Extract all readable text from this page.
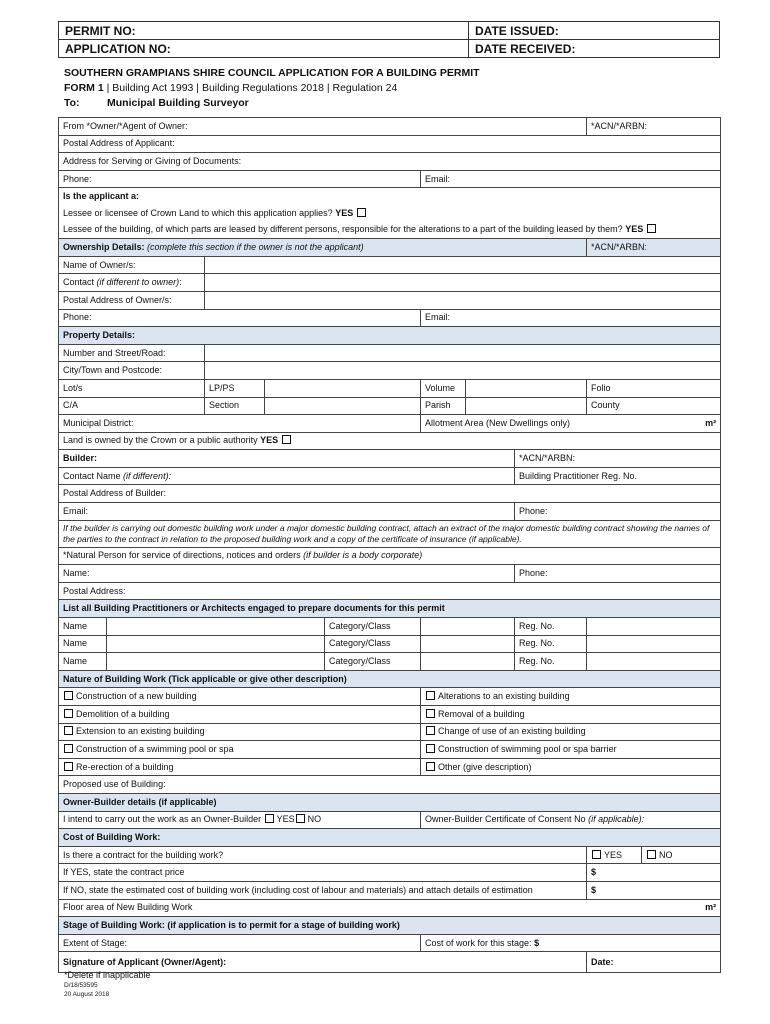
PERMIT NO:	DATE ISSUED:
APPLICATION NO:	DATE RECEIVED:
SOUTHERN GRAMPIANS SHIRE COUNCIL APPLICATION FOR A BUILDING PERMIT
FORM 1 | Building Act 1993 | Building Regulations 2018 | Regulation 24
To:	Municipal Building Surveyor
From *Owner/*Agent of Owner:								*ACN/*ARBN:	
Postal Address of Applicant:									
Address for Serving or Giving of Documents:									
Phone:					Email:				
Is the applicant a:									
Lessee or licensee of Crown Land to which this application applies? YES									
Lessee of the building, of which parts are leased by different persons, responsible for the alterations to a part of the building leased by them? YES									
Ownership Details: (complete this section if the owner is not the applicant)								*ACN/*ARBN:	
Name of Owner/s:									
Contact (if different to owner):									
Postal Address of Owner/s:									
Phone:					Email:				
Property Details:									
Number and Street/Road:									
City/Town and Postcode:									
Lot/s		LP/PS			Volume			Folio	
C/A		Section			Parish			County	
Municipal District:					Allotment Area (New Dwellings only) m²				

Land is owned by the Crown or a public authority YES									
Builder:							*ACN/*ARBN:		
Contact Name (if different):							Building Practitioner Reg. No.		
Postal Address of Builder:									
Email:							Phone:		
If the builder is carrying out domestic building work under a major domestic building contract, attach an extract of the major domestic building contract showing the names of the parties to the contract in relation to the proposed building work and a copy of the certificate of insurance (if applicable).									
*Natural Person for service of directions, notices and orders (if builder is a body corporate)									
Name:							Phone:		
Postal Address:									
List all Building Practitioners or Architects engaged to prepare documents for this permit									
Name				Category/Class			Reg. No.		
Name				Category/Class			Reg. No.		
Name				Category/Class			Reg. No.		
Nature of Building Work (Tick applicable or give other description)									
Construction of a new building					Alterations to an existing building				
Demolition of a building					Removal of a building				
Extension to an existing building					Change of use of an existing building				
Construction of a swimming pool or spa					Construction of swimming pool or spa barrier				
Re-erection of a building					Other (give description)				
Proposed use of Building:									
Owner-Builder details (if applicable)									
I intend to carry out the work as an Owner-Builder YES NO					Owner-Builder Certificate of Consent No (if applicable):				
Cost of Building Work:									
Is there a contract for the building work?								YES	NO
If YES, state the contract price								$	
If NO, state the estimated cost of building work (including cost of labour and materials) and attach details of estimation								$	
Floor area of New Building Work m²									

Stage of Building Work: (if application is to permit for a stage of building work)									
Extent of Stage:					Cost of work for this stage: $				
Signature of Applicant (Owner/Agent):								Date:	
*Delete if inapplicable
D/18/53595
20 August 2018
